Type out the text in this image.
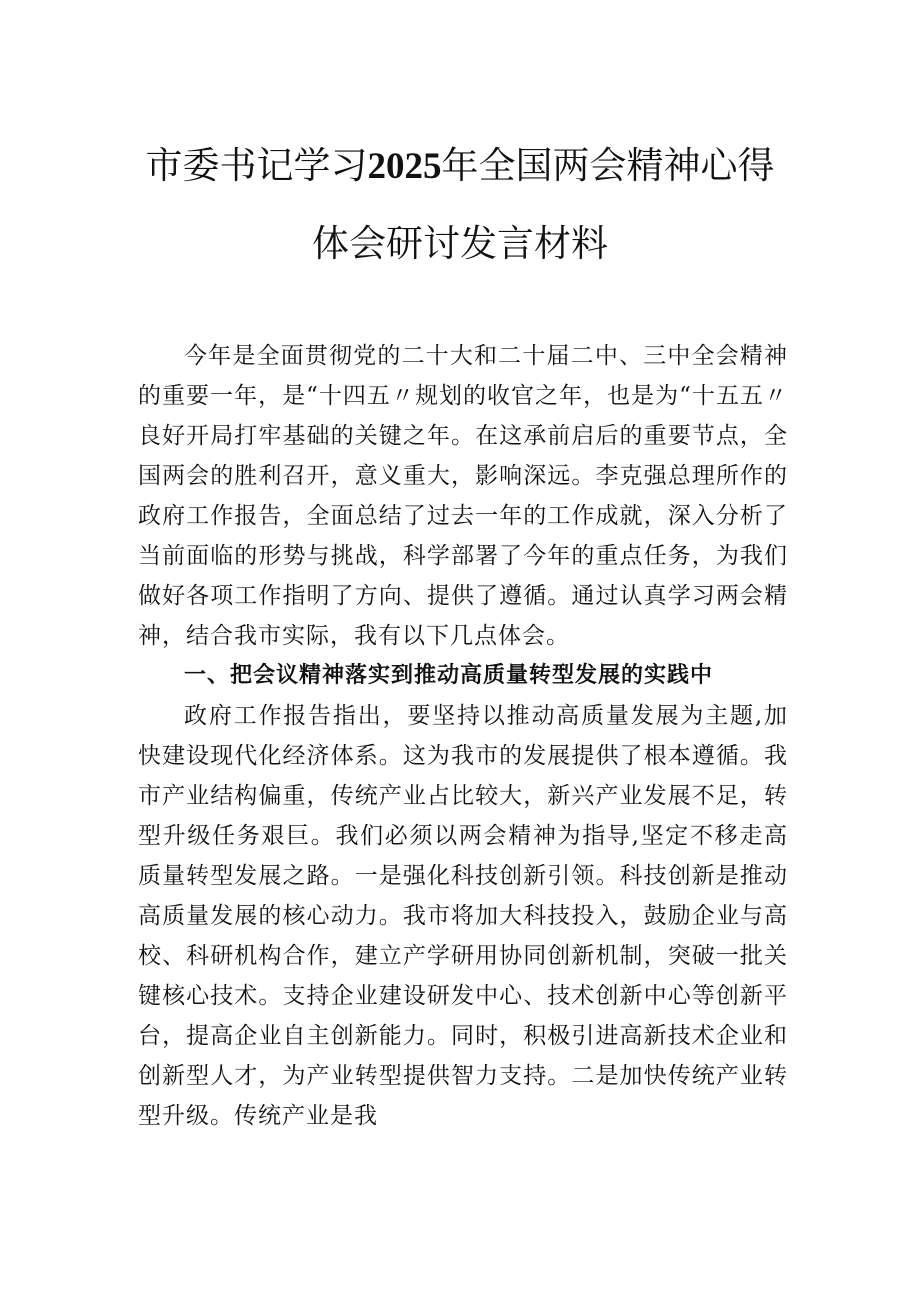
市委书记学习2025年全国两会精神心得
体会研讨发言材料

今年是全面贯彻党的二十大和二十届二中、三中全会精神的重要一年，是“十四五〃规划的收官之年，也是为“十五五〃良好开局打牢基础的关键之年。在这承前启后的重要节点，全国两会的胜利召开，意义重大，影响深远。李克强总理所作的政府工作报告，全面总结了过去一年的工作成就，深入分析了当前面临的形势与挑战，科学部署了今年的重点任务，为我们做好各项工作指明了方向、提供了遵循。通过认真学习两会精神，结合我市实际，我有以下几点体会。

一、把会议精神落实到推动高质量转型发展的实践中

政府工作报告指出，要坚持以推动高质量发展为主题,加快建设现代化经济体系。这为我市的发展提供了根本遵循。我市产业结构偏重，传统产业占比较大，新兴产业发展不足，转型升级任务艰巨。我们必须以两会精神为指导,坚定不移走高质量转型发展之路。一是强化科技创新引领。科技创新是推动高质量发展的核心动力。我市将加大科技投入，鼓励企业与高校、科研机构合作，建立产学研用协同创新机制，突破一批关键核心技术。支持企业建设研发中心、技术创新中心等创新平台，提高企业自主创新能力。同时，积极引进高新技术企业和创新型人才，为产业转型提供智力支持。二是加快传统产业转型升级。传统产业是我
